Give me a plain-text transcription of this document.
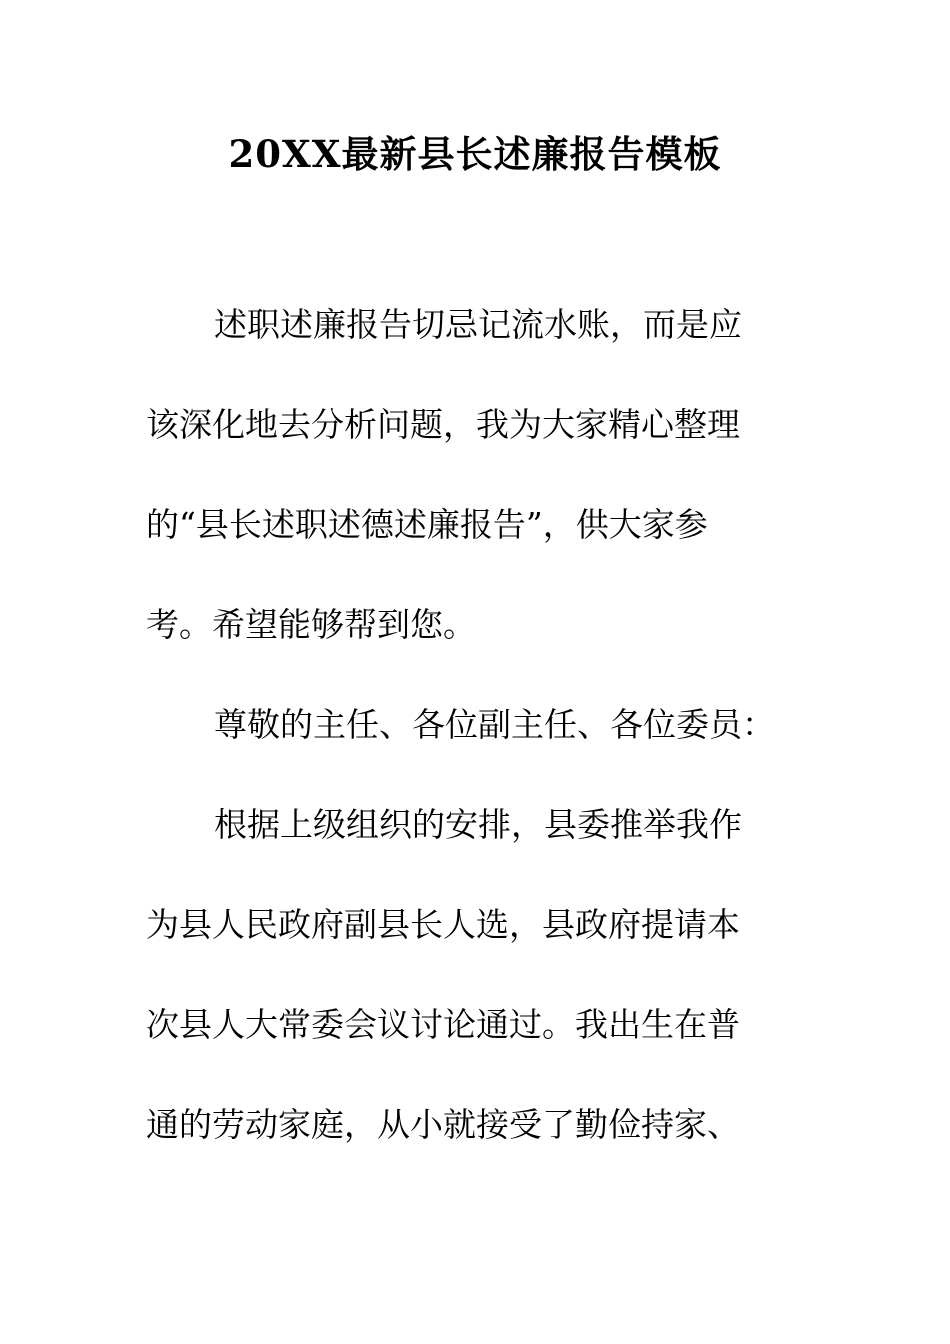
20XX最新县长述廉报告模板

述职述廉报告切忌记流水账，而是应

该深化地去分析问题，我为大家精心整理

的“县长述职述德述廉报告”，供大家参

考。希望能够帮到您。

尊敬的主任、各位副主任、各位委员：

根据上级组织的安排，县委推举我作

为县人民政府副县长人选，县政府提请本

次县人大常委会议讨论通过。我出生在普

通的劳动家庭，从小就接受了勤俭持家、
